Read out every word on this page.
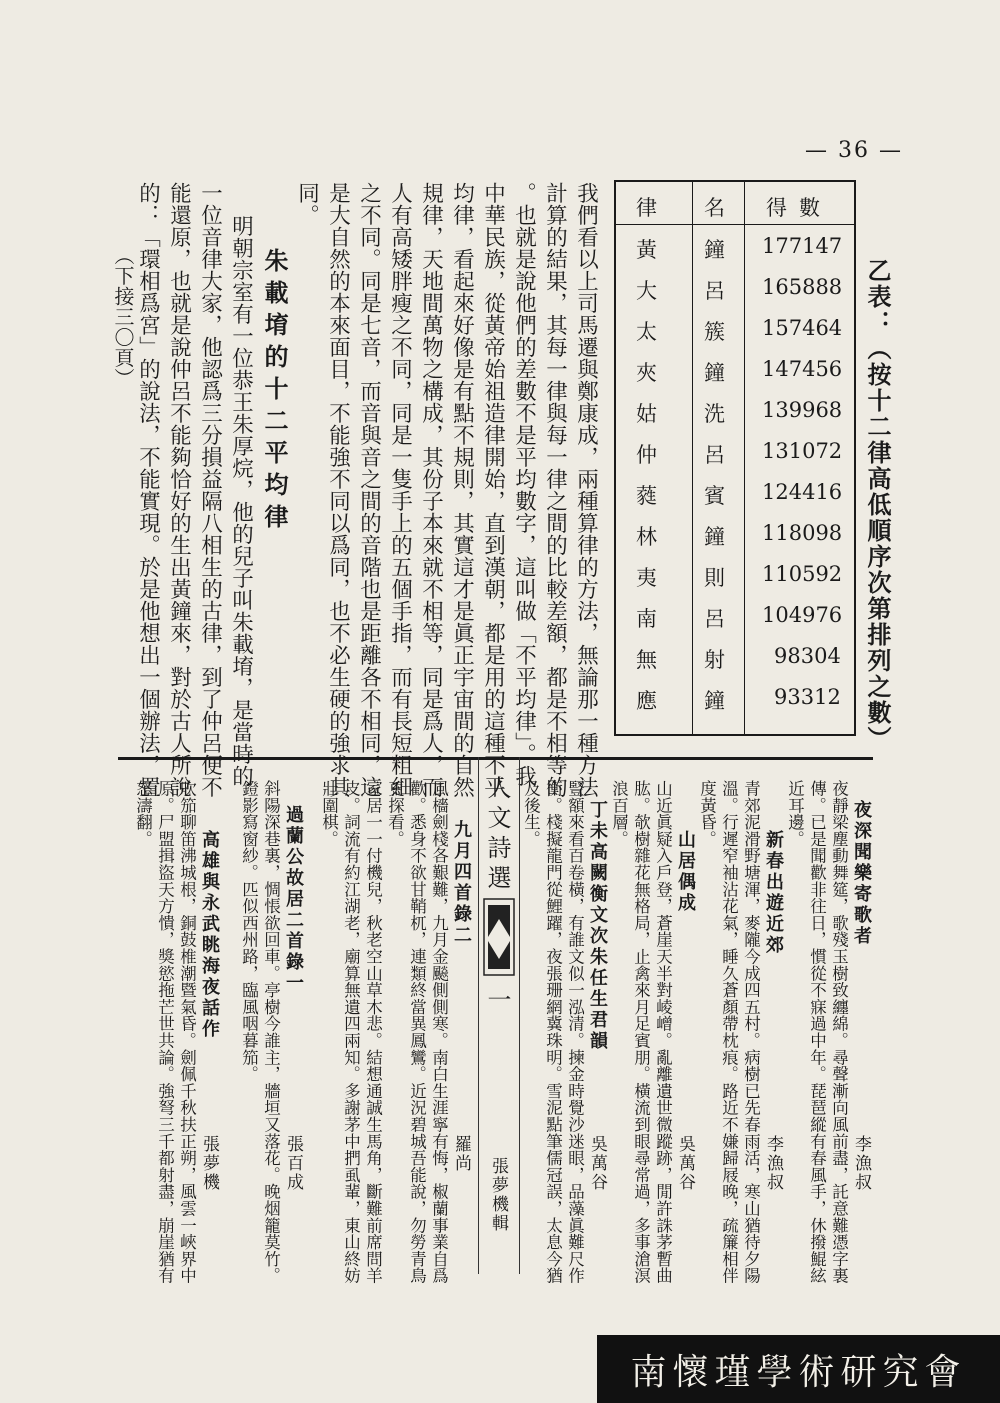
— 36 —
乙表：（按十二律高低順序次第排列之數）
律 名 得數
黃 鐘 177147
大 呂 165888
太 簇 157464
夾 鐘 147456
姑 洗 139968
仲 呂 131072
蕤 賓 124416
林 鐘 118098
夷 則 110592
南 呂 104976
無 射 98304
應 鐘 93312
我們看以上司馬遷與鄭康成，兩種算律的方法，無論那一種方法
計算的結果，其每一律與每一律之間的比較差額，都是不相等的
。也就是說他們的差數不是平均數字，這叫做「不平均律」。我
中華民族，從黃帝始祖造律開始，直到漢朝，都是用的這種不平
均律，看起來好像是有點不規則，其實這才是眞正宇宙間的自然
規律，天地間萬物之構成，其份子本來就不相等，同是爲人，而
人有高矮胖瘦之不同，同是一隻手上的五個手指，而有長短粗細
之不同。同是七音，而音與音之間的音階也是距離各不相同，這
是大自然的本來面目，不能強不同以爲同，也不必生硬的強求其
同。
朱載堉的十二平均律
明朝宗室有一位恭王朱厚烷，他的兒子叫朱載堉，是當時的
一位音律大家，他認爲三分損益隔八相生的古律，到了仲呂便不
能還原，也就是說仲呂不能夠恰好的生出黃鐘來，對於古人所說
的：「環相爲宮」的說法，不能實現。於是他想出一個辦法，置
（下接三〇頁）
人文詩選
一
張夢機輯
夜深聞樂寄歌者
李漁叔
夜靜梁塵動舞筵，歌殘玉樹致纏綿。尋聲漸向風前盡，託意難憑字裏
傳。已是聞歡非往日，慣從不寐過中年。琵琶縱有春風手，休撥鯤絃
近耳邊。
新春出遊近郊
李漁叔
青郊泥滑野塘渾，麥隴今成四五村。病樹已先春雨活，寒山猶待夕陽
溫。行遲窄袖沾花氣，睡久蒼顏帶枕痕。路近不嫌歸屐晚，疏簾相伴
度黃昏。
山居偶成
吳萬谷
山近眞疑入戶登，蒼崖天半對崚嶒。亂離遺世微蹤跡，閒許誅茅暫曲
肱。欹樹雜花無格局，止禽來月足賓朋。橫流到眼尋常過，多事滄溟
浪百層。
丁未高闕衡文次朱任生君韻
吳萬谷
豎額來看百卷橫，有誰文似一泓清。揀金時覺沙迷眼，品藻眞難尺作
衡。棧擬龍門從鯉躍，夜張珊網冀珠明。雪泥點筆儒冠誤，太息今猶
及後生。
九月四首錄二
羅尚
風檣劍棧各艱難，九月金飈側側寒。南白生涯寧有悔，椒蘭事業自爲
歡。悉身不欲甘鞘杌，連類終當異鳳鸞。近況碧城吾能說，勿勞青鳥
更探看。
家居一一付機兒，秋老空山草木悲。結想通誠生馬角，斷難前席問羊
皮。詞流有約江湖老，廟算無遺四兩知。多謝茅中捫虱輩，東山終妨
壯圍棋。
過蘭公故居二首錄一
張百成
斜陽深巷裏，惆悵欲回車。亭樹今誰主，牆垣又落花。晚烟籠莫竹。
鐙影寫窗紗。匹似西州路，臨風咽暮笳。
高雄與永武眺海夜話作
張夢機
吹笳聊笛沸城根，銅鼓椎潮暨氣昏。劍佩千秋扶正朔，風雲一峽界中
原。尸盟揖盜天方憒，獎慾拖芒世共論。強弩三千都射盡，崩崖猶有
怒濤翻。
南懷瑾學術研究會
